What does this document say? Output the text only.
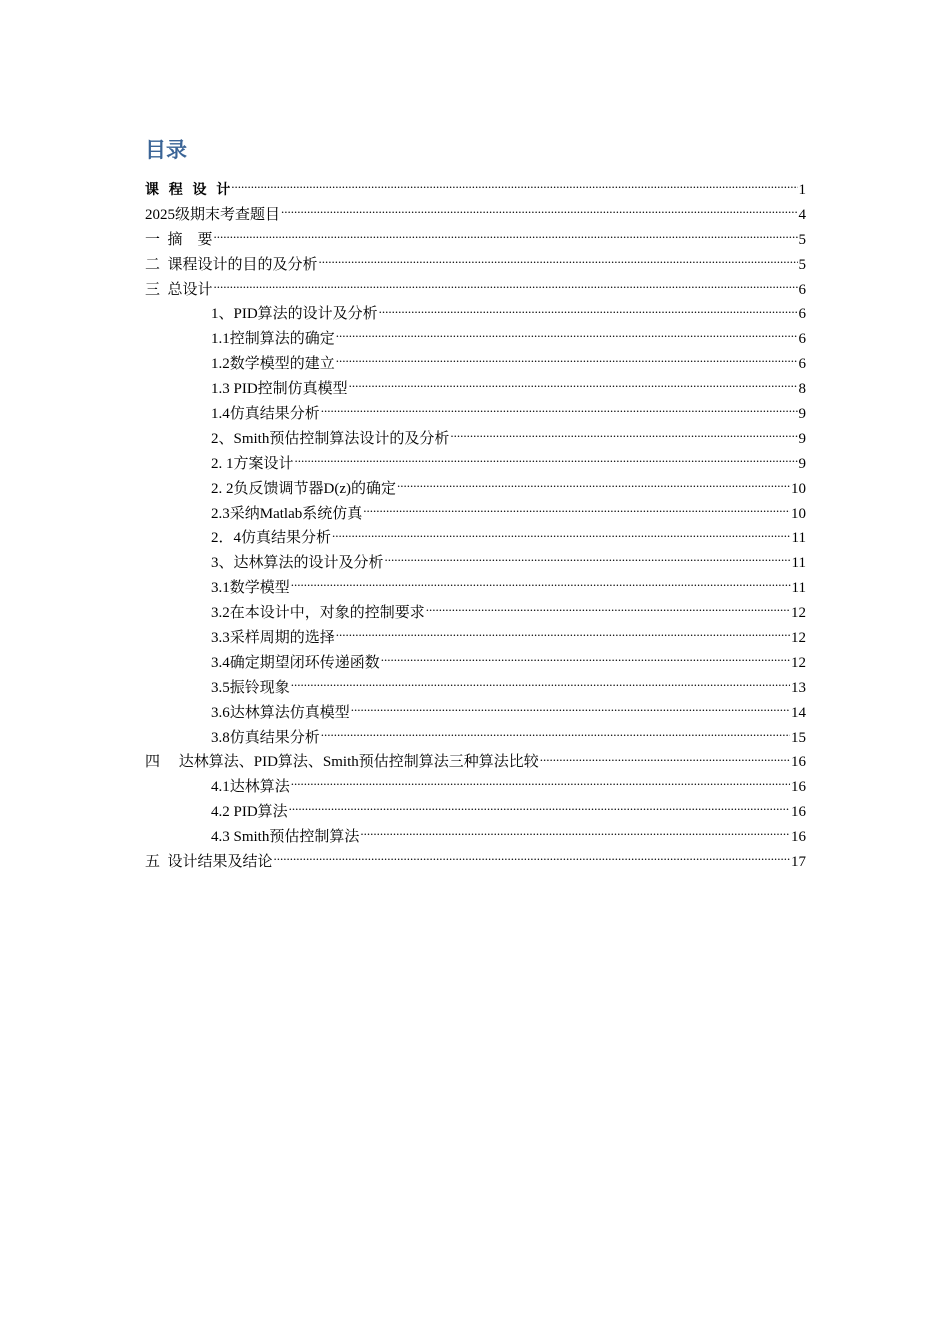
目录
课  程  设  计 .....	1
2025级期末考查题目 .....	4
一  摘    要 .....	5
二  课程设计的目的及分析 .....	5
三  总设计 .....	6
1、PID算法的设计及分析 .....	6
1.1控制算法的确定 .....	6
1.2数学模型的建立 .....	6
1.3 PID控制仿真模型 .....	8
1.4仿真结果分析 .....	9
2、Smith预估控制算法设计的及分析 .....	9
2. 1方案设计 .....	9
2. 2负反馈调节器D(z)的确定 .....	10
2.3采纳Matlab系统仿真 .....	10
2．4仿真结果分析 .....	11
3、达林算法的设计及分析 .....	11
3.1数学模型 .....	11
3.2在本设计中，对象的控制要求 .....	12
3.3采样周期的选择 .....	12
3.4确定期望闭环传递函数 .....	12
3.5振铃现象 .....	13
3.6达林算法仿真模型 .....	14
3.8仿真结果分析 .....	15
四     达林算法、PID算法、Smith预估控制算法三种算法比较 .....	16
4.1达林算法 .....	16
4.2 PID算法 .....	16
4.3 Smith预估控制算法 .....	16
五  设计结果及结论 .....	17
